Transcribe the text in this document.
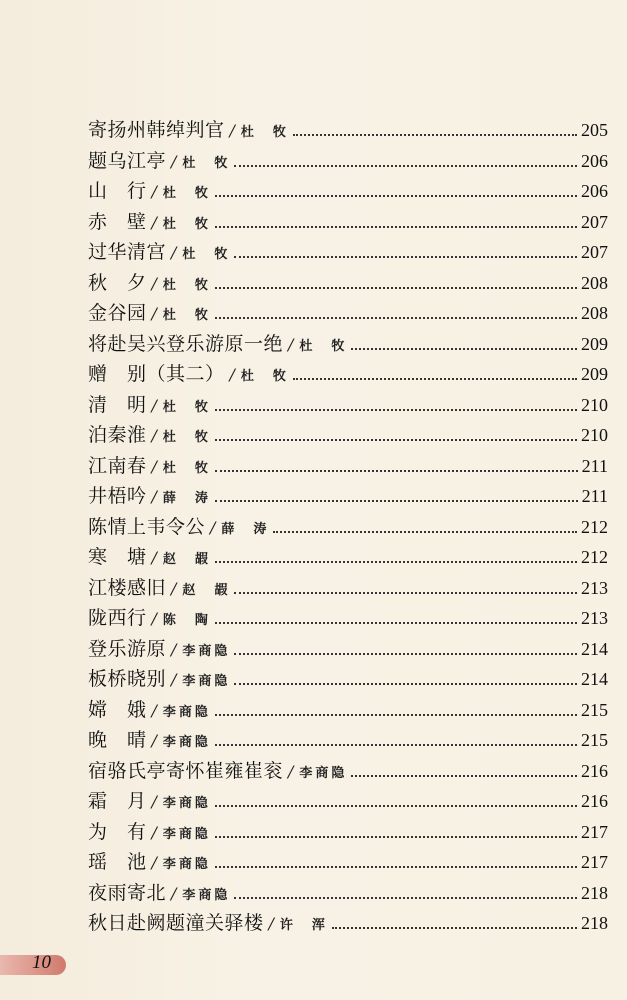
寄扬州韩绰判官 / 杜　牧	205
题乌江亭 / 杜　牧	206
山　行 / 杜　牧	206
赤　壁 / 杜　牧	207
过华清宫 / 杜　牧	207
秋　夕 / 杜　牧	208
金谷园 / 杜　牧	208
将赴吴兴登乐游原一绝 / 杜　牧	209
赠　别（其二） / 杜　牧	209
清　明 / 杜　牧	210
泊秦淮 / 杜　牧	210
江南春 / 杜　牧	211
井梧吟 / 薛　涛	211
陈情上韦令公 / 薛　涛	212
寒　塘 / 赵　嘏	212
江楼感旧 / 赵　嘏	213
陇西行 / 陈　陶	213
登乐游原 / 李商隐	214
板桥晓别 / 李商隐	214
嫦　娥 / 李商隐	215
晚　晴 / 李商隐	215
宿骆氏亭寄怀崔雍崔衮 / 李商隐	216
霜　月 / 李商隐	216
为　有 / 李商隐	217
瑶　池 / 李商隐	217
夜雨寄北 / 李商隐	218
秋日赴阙题潼关驿楼 / 许　浑	218
10
